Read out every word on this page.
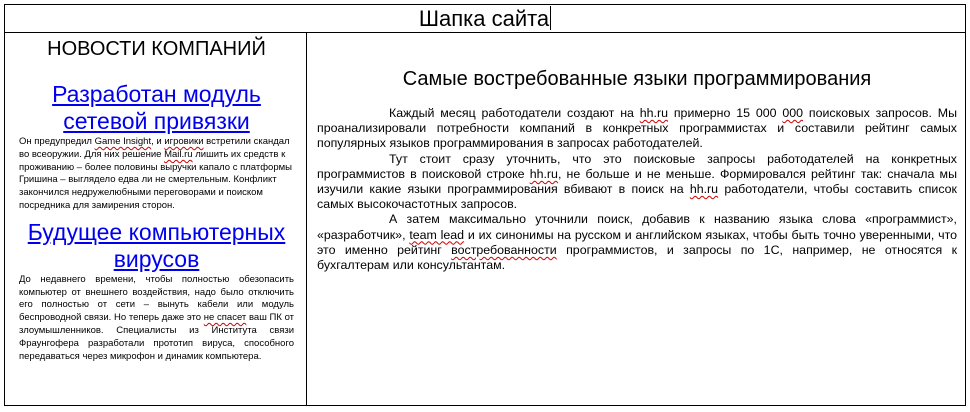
Шапка сайта
НОВОСТИ КОМПАНИЙ
Разработан модуль сетевой привязки

Он предупредил Game Insight, и игровики встретили скандал во всеоружии. Для них решение Mail.ru лишить их средств к проживанию – более половины выручки капало с платформы Гришина – выглядело едва ли не смертельным. Конфликт закончился недружелюбными переговорами и поиском посредника для замирения сторон.

Будущее компьютерных вирусов

До недавнего времени, чтобы полностью обезопасить компьютер от внешнего воздействия, надо было отключить его полностью от сети – вынуть кабели или модуль беспроводной связи. Но теперь даже это не спасет ваш ПК от злоумышленников. Специалисты из Института связи Фраунгофера разработали прототип вируса, способного передаваться через микрофон и динамик компьютера.

Самые востребованные языки программирования

Каждый месяц работодатели создают на hh.ru примерно 15 000 000 поисковых запросов. Мы проанализировали потребности компаний в конкретных программистах и составили рейтинг самых популярных языков программирования в запросах работодателей.

Тут стоит сразу уточнить, что это поисковые запросы работодателей на конкретных программистов в поисковой строке hh.ru, не больше и не меньше. Формировался рейтинг так: сначала мы изучили какие языки программирования вбивают в поиск на hh.ru работодатели, чтобы составить список самых высокочастотных запросов.

А затем максимально уточнили поиск, добавив к названию языка слова «программист», «разработчик», team lead и их синонимы на русском и английском языках, чтобы быть точно уверенными, что это именно рейтинг востребованности программистов, и запросы по 1С, например, не относятся к бухгалтерам или консультантам.
